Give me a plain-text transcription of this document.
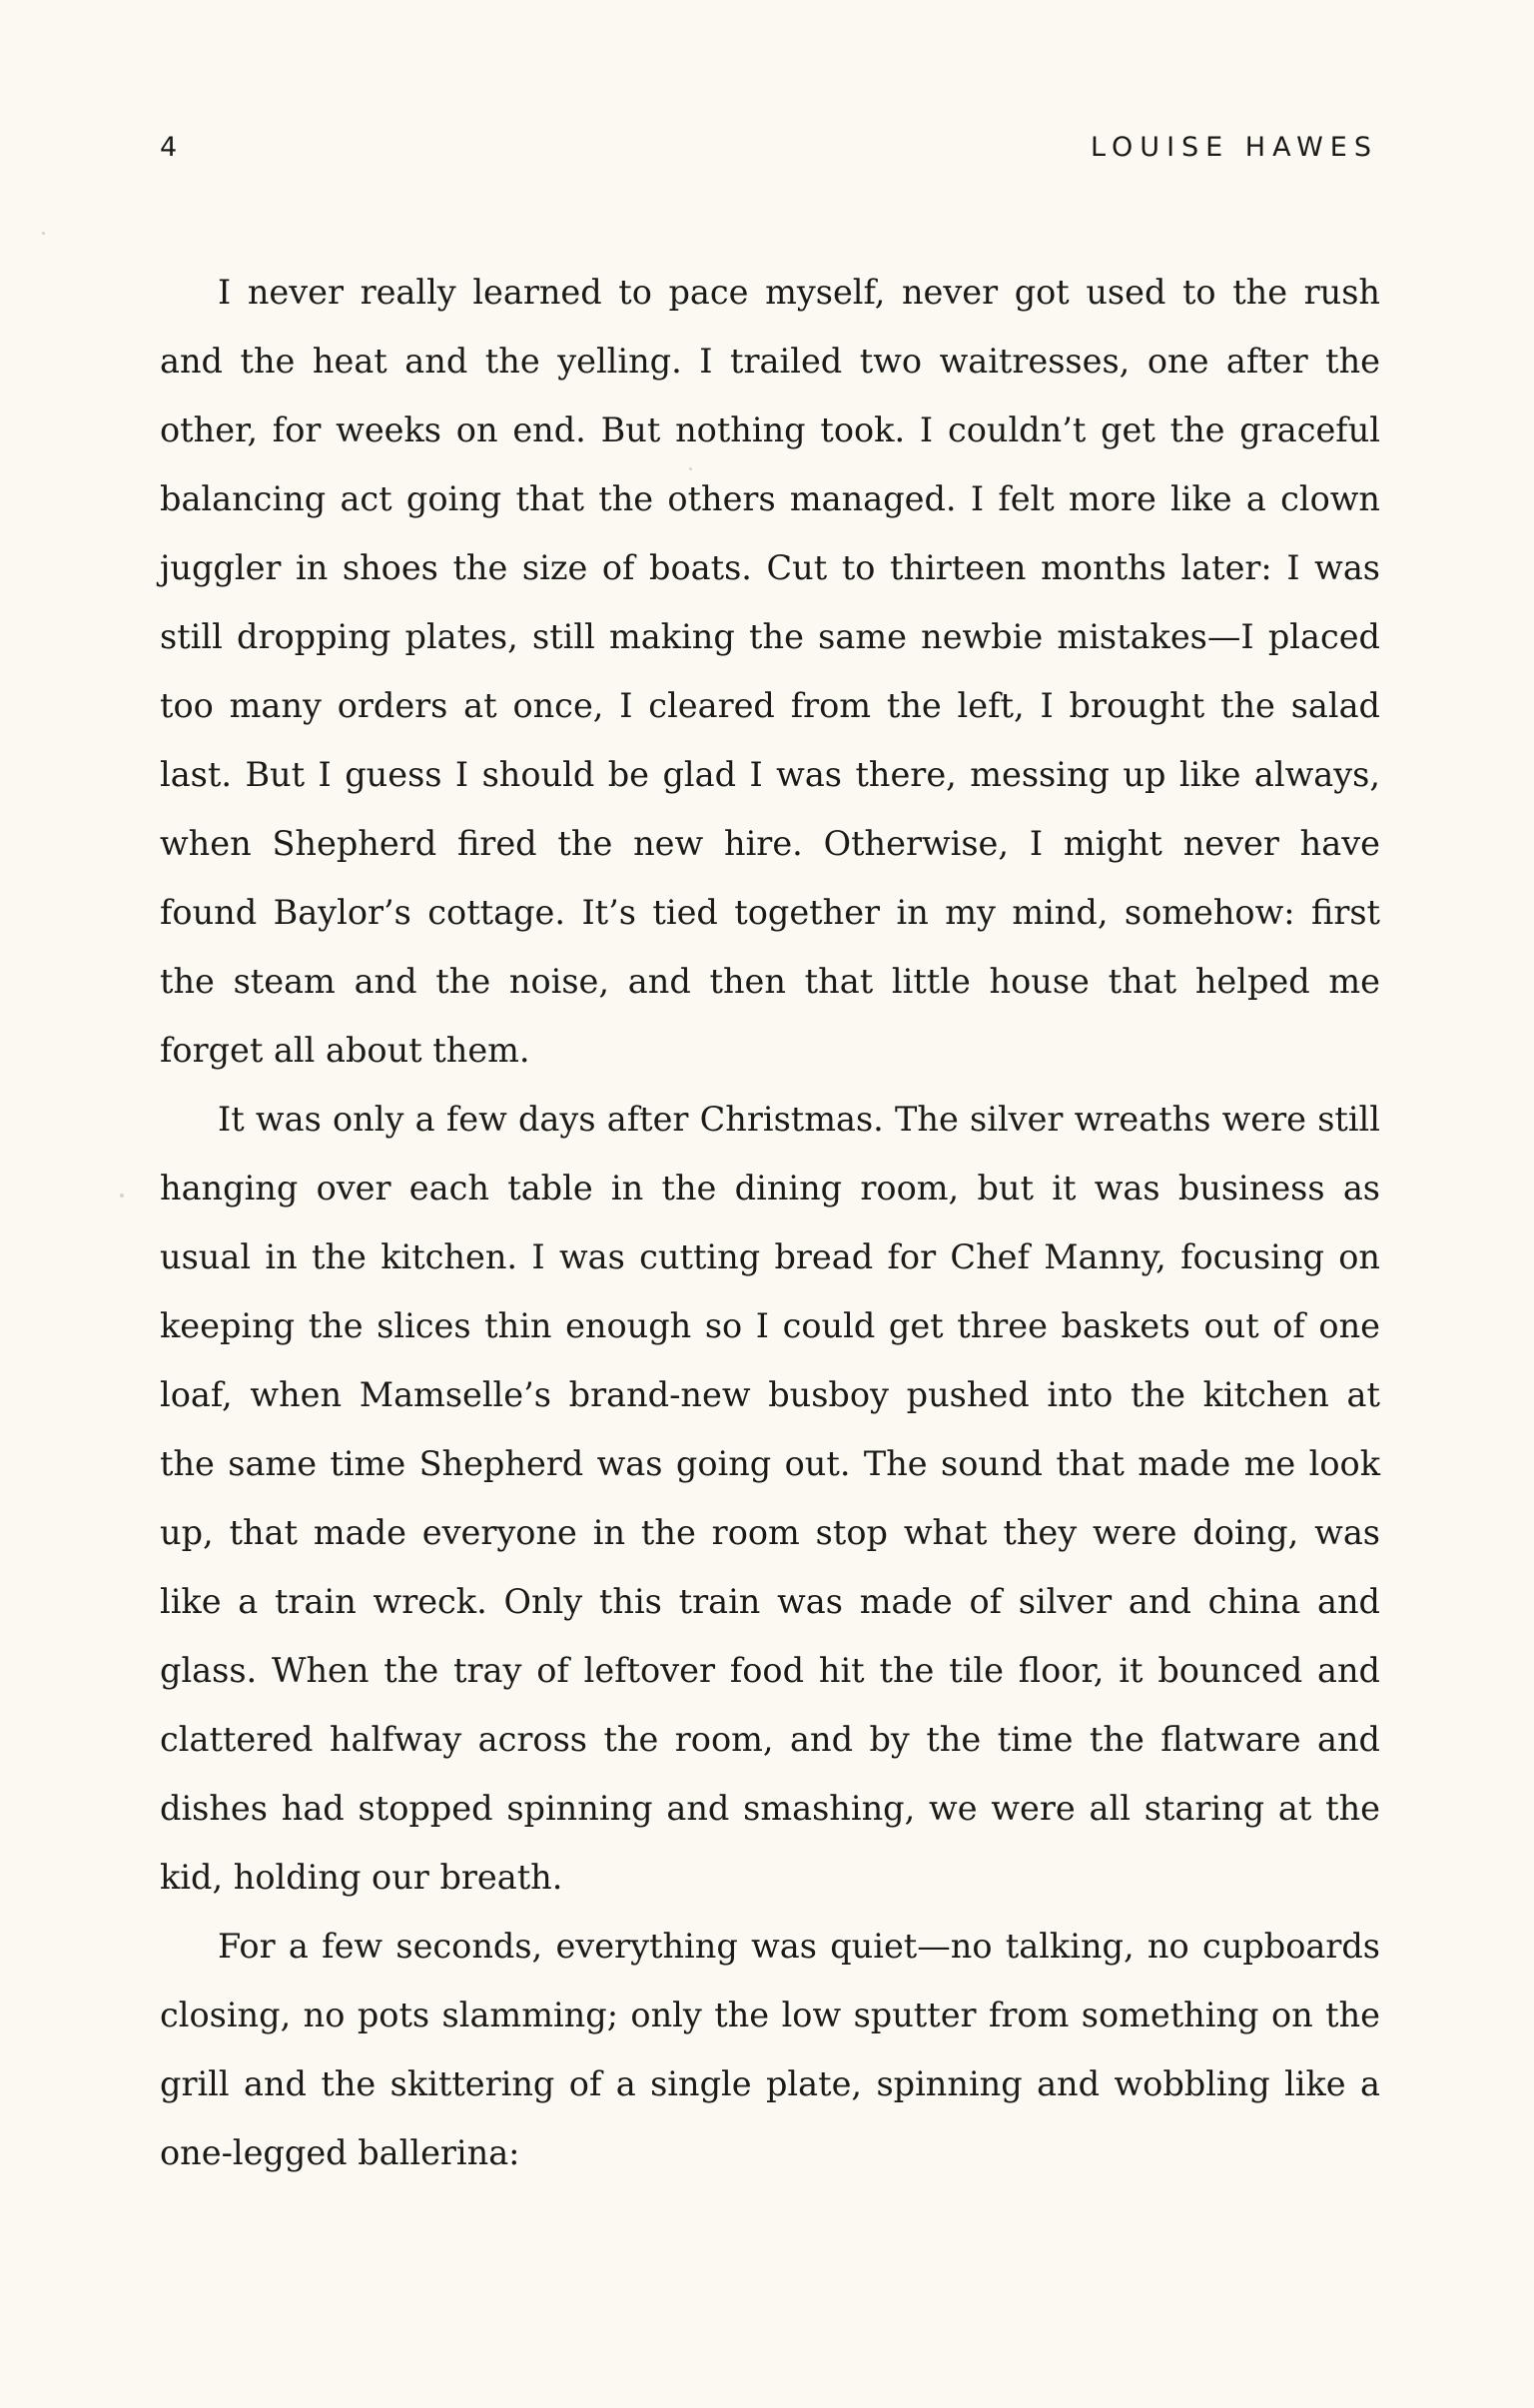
4	LOUISE HAWES

I never really learned to pace myself, never got used to the rush and the heat and the yelling. I trailed two waitresses, one after the other, for weeks on end. But nothing took. I couldn’t get the graceful balancing act going that the others managed. I felt more like a clown juggler in shoes the size of boats. Cut to thirteen months later: I was still dropping plates, still making the same newbie mistakes—I placed too many orders at once, I cleared from the left, I brought the salad last. But I guess I should be glad I was there, messing up like always, when Shepherd fired the new hire. Otherwise, I might never have found Baylor’s cottage. It’s tied together in my mind, somehow: first the steam and the noise, and then that little house that helped me forget all about them.

It was only a few days after Christmas. The silver wreaths were still hanging over each table in the dining room, but it was business as usual in the kitchen. I was cutting bread for Chef Manny, focusing on keeping the slices thin enough so I could get three baskets out of one loaf, when Mamselle’s brand-new busboy pushed into the kitchen at the same time Shepherd was going out. The sound that made me look up, that made everyone in the room stop what they were doing, was like a train wreck. Only this train was made of silver and china and glass. When the tray of leftover food hit the tile floor, it bounced and clattered halfway across the room, and by the time the flatware and dishes had stopped spinning and smashing, we were all staring at the kid, holding our breath.

For a few seconds, everything was quiet—no talking, no cupboards closing, no pots slamming; only the low sputter from something on the grill and the skittering of a single plate, spinning and wobbling like a one-legged ballerina:
